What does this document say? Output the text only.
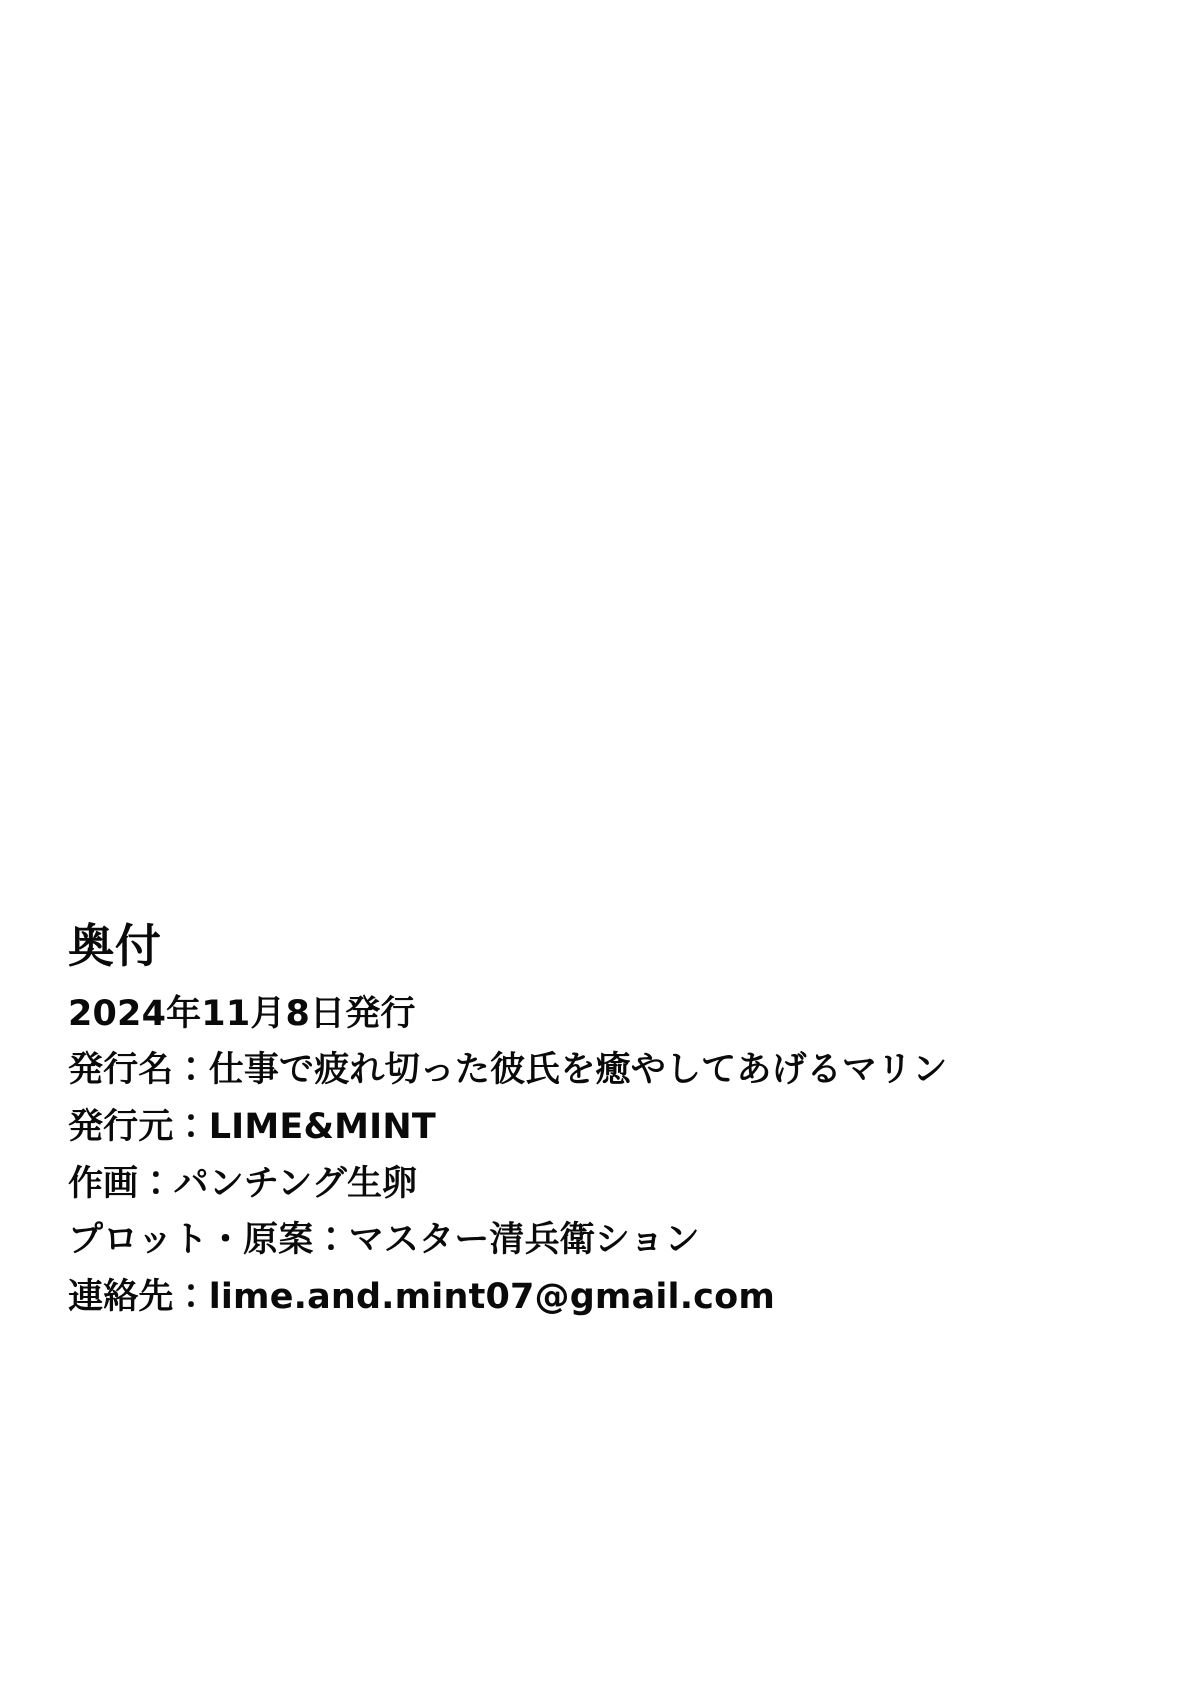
奥付
2024年11月8日発行
発行名：仕事で疲れ切った彼氏を癒やしてあげるマリン
発行元：LIME&MINT
作画：パンチング生卵
プロット・原案：マスター清兵衛ション
連絡先：lime.and.mint07@gmail.com
